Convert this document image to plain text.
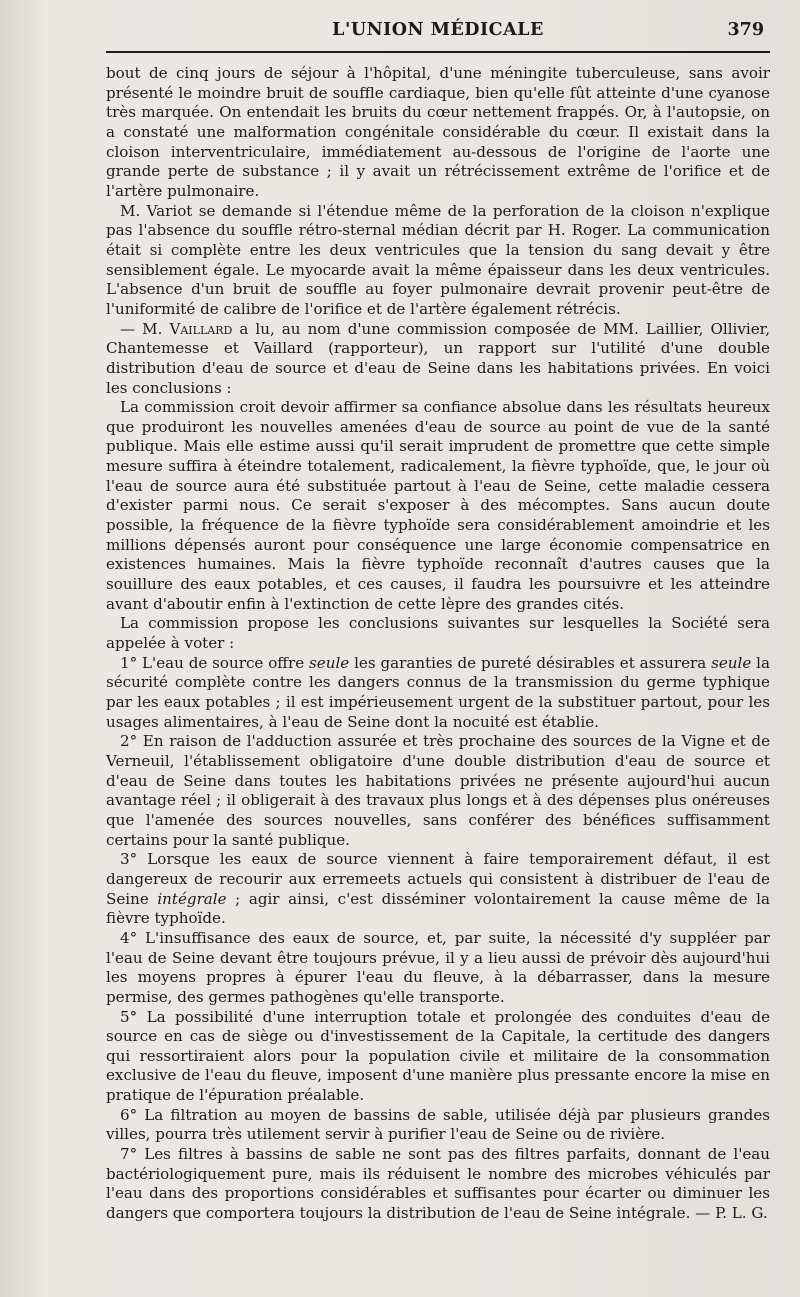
L'UNION MÉDICALE	379

bout de cinq jours de séjour à l'hôpital, d'une méningite tuberculeuse, sans avoir présenté le moindre bruit de souffle cardiaque, bien qu'elle fût atteinte d'une cyanose très marquée. On entendait les bruits du cœur nettement frappés. Or, à l'autopsie, on a constaté une malformation congénitale considérable du cœur. Il existait dans la cloison interventriculaire, immédiatement au-dessous de l'origine de l'aorte une grande perte de substance ; il y avait un rétrécissement extrême de l'orifice et de l'artère pulmonaire.

M. Variot se demande si l'étendue même de la perforation de la cloison n'explique pas l'absence du souffle rétro-sternal médian décrit par H. Roger. La communication était si complète entre les deux ventricules que la tension du sang devait y être sensiblement égale. Le myocarde avait la même épaisseur dans les deux ventricules. L'absence d'un bruit de souffle au foyer pulmonaire devrait provenir peut-être de l'uniformité de calibre de l'orifice et de l'artère également rétrécis.

— M. Vaillard a lu, au nom d'une commission composée de MM. Laillier, Ollivier, Chantemesse et Vaillard (rapporteur), un rapport sur l'utilité d'une double distribution d'eau de source et d'eau de Seine dans les habitations privées. En voici les conclusions :

La commission croit devoir affirmer sa confiance absolue dans les résultats heureux que produiront les nouvelles amenées d'eau de source au point de vue de la santé publique. Mais elle estime aussi qu'il serait imprudent de promettre que cette simple mesure suffira à éteindre totalement, radicalement, la fièvre typhoïde, que, le jour où l'eau de source aura été substituée partout à l'eau de Seine, cette maladie cessera d'exister parmi nous. Ce serait s'exposer à des mécomptes. Sans aucun doute possible, la fréquence de la fièvre typhoïde sera considérablement amoindrie et les millions dépensés auront pour conséquence une large économie compensatrice en existences humaines. Mais la fièvre typhoïde reconnaît d'autres causes que la souillure des eaux potables, et ces causes, il faudra les poursuivre et les atteindre avant d'aboutir enfin à l'extinction de cette lèpre des grandes cités.

La commission propose les conclusions suivantes sur lesquelles la Société sera appelée à voter :

1° L'eau de source offre seule les garanties de pureté désirables et assurera seule la sécurité complète contre les dangers connus de la transmission du germe typhique par les eaux potables ; il est impérieusement urgent de la substituer partout, pour les usages alimentaires, à l'eau de Seine dont la nocuité est établie.

2° En raison de l'adduction assurée et très prochaine des sources de la Vigne et de Verneuil, l'établissement obligatoire d'une double distribution d'eau de source et d'eau de Seine dans toutes les habitations privées ne présente aujourd'hui aucun avantage réel ; il obligerait à des travaux plus longs et à des dépenses plus onéreuses que l'amenée des sources nouvelles, sans conférer des bénéfices suffisamment certains pour la santé publique.

3° Lorsque les eaux de source viennent à faire temporairement défaut, il est dangereux de recourir aux erremeets actuels qui consistent à distribuer de l'eau de Seine intégrale ; agir ainsi, c'est disséminer volontairement la cause même de la fièvre typhoïde.

4° L'insuffisance des eaux de source, et, par suite, la nécessité d'y suppléer par l'eau de Seine devant être toujours prévue, il y a lieu aussi de prévoir dès aujourd'hui les moyens propres à épurer l'eau du fleuve, à la débarrasser, dans la mesure permise, des germes pathogènes qu'elle transporte.

5° La possibilité d'une interruption totale et prolongée des conduites d'eau de source en cas de siège ou d'investissement de la Capitale, la certitude des dangers qui ressortiraient alors pour la population civile et militaire de la consommation exclusive de l'eau du fleuve, imposent d'une manière plus pressante encore la mise en pratique de l'épuration préalable.

6° La filtration au moyen de bassins de sable, utilisée déjà par plusieurs grandes villes, pourra très utilement servir à purifier l'eau de Seine ou de rivière.

7° Les filtres à bassins de sable ne sont pas des filtres parfaits, donnant de l'eau bactériologiquement pure, mais ils réduisent le nombre des microbes véhiculés par l'eau dans des proportions considérables et suffisantes pour écarter ou diminuer les dangers que comportera toujours la distribution de l'eau de Seine intégrale. — P. L. G.
